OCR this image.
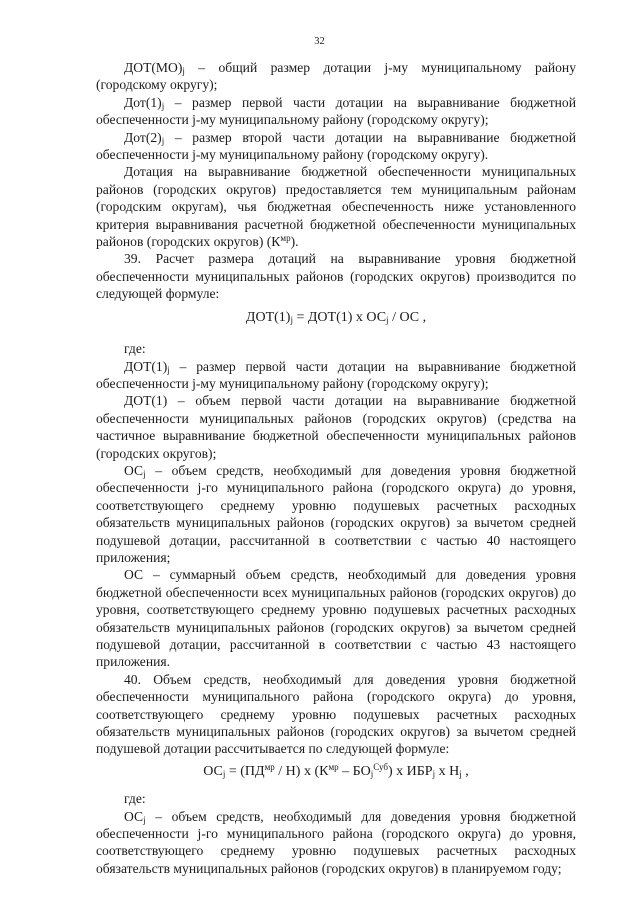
32

$ДОТ(МО)_j$ – общий размер дотации j-му муниципальному району (городскому округу);

$Дот(1)_j$ – размер первой части дотации на выравнивание бюджетной обеспеченности j-му муниципальному району (городскому округу);

$Дот(2)_j$ – размер второй части дотации на выравнивание бюджетной обеспеченности j-му муниципальному району (городскому округу).

Дотация на выравнивание бюджетной обеспеченности муниципальных районов (городских округов) предоставляется тем муниципальным районам (городским округам), чья бюджетная обеспеченность ниже установленного критерия выравнивания расчетной бюджетной обеспеченности муниципальных районов (городских округов) $(К^{мр})$.

39. Расчет размера дотаций на выравнивание уровня бюджетной обеспеченности муниципальных районов (городских округов) производится по следующей формуле:

$ДОТ(1)_j = ДОТ(1)$ х $ОС_j$ / ОС ,

где:

$ДОТ(1)_j$ – размер первой части дотации на выравнивание бюджетной обеспеченности j-му муниципальному району (городскому округу);

ДОТ(1) – объем первой части дотации на выравнивание бюджетной обеспеченности муниципальных районов (городских округов) (средства на частичное выравнивание бюджетной обеспеченности муниципальных районов (городских округов);

$ОС_j$ – объем средств, необходимый для доведения уровня бюджетной обеспеченности j-го муниципального района (городского округа) до уровня, соответствующего среднему уровню подушевых расчетных расходных обязательств муниципальных районов (городских округов) за вычетом средней подушевой дотации, рассчитанной в соответствии с частью 40 настоящего приложения;

ОС – суммарный объем средств, необходимый для доведения уровня бюджетной обеспеченности всех муниципальных районов (городских округов) до уровня, соответствующего среднему уровню подушевых расчетных расходных обязательств муниципальных районов (городских округов) за вычетом средней подушевой дотации, рассчитанной в соответствии с частью 43 настоящего приложения.

40. Объем средств, необходимый для доведения уровня бюджетной обеспеченности муниципального района (городского округа) до уровня, соответствующего среднему уровню подушевых расчетных расходных обязательств муниципальных районов (городских округов) за вычетом средней подушевой дотации рассчитывается по следующей формуле:

$ОС_j = (ПД^{мр} / Н)$ х $(К^{мр} - БО_j^{Суб})$ х $ИБР_j$ х $Н_j$ ,

где:

$ОС_j$ – объем средств, необходимый для доведения уровня бюджетной обеспеченности j-го муниципального района (городского округа) до уровня, соответствующего среднему уровню подушевых расчетных расходных обязательств муниципальных районов (городских округов) в планируемом году;
